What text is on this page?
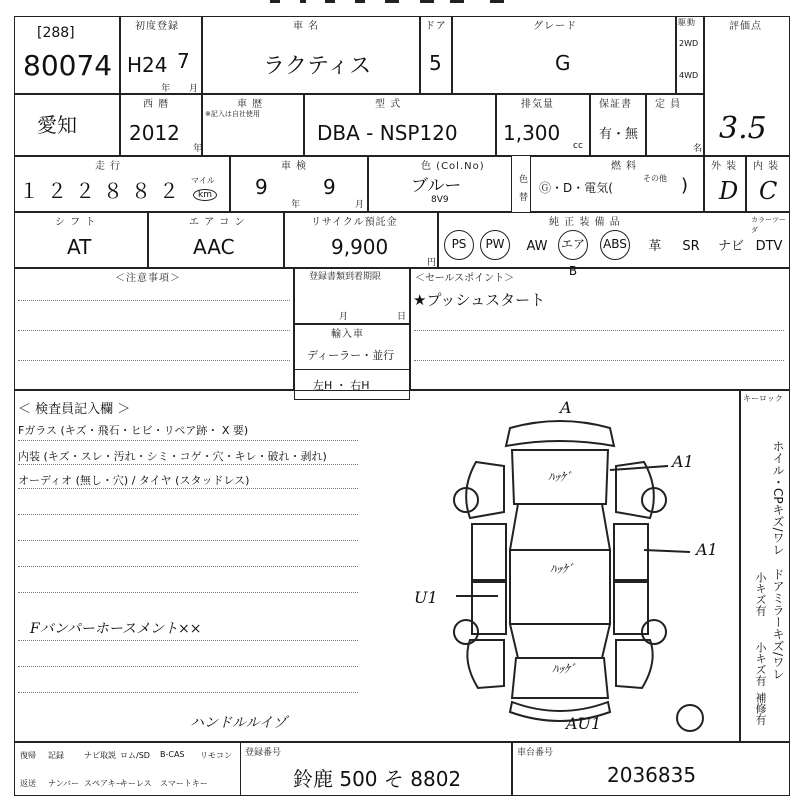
[288]
80074
初度登録
H24 7
年 月
車 名
ラクティス
ドア
5
グレード
G
駆動
2WD
4WD
評価点
3.5
愛知
西 暦
2012
年
車 歴
※記入は自社使用
型 式
DBA - NSP120
排気量
1,300
cc
保証書
有・無
定 員
名
走 行
１２２８８２ マイル
km
車 検
9
年
9
月
色 (Col.No)
ブルー
8V9
色替
燃 料
Ⓖ・D・電気(
その他 )
外 装
D
内 装
C
シ フ ト
AT
エ ア コ ン
AAC
リサイクル預託金
9,900
円
純 正 装 備 品	カラーツーダ
PS	PW	AW	エアB
ABS	革	SR	ナビ DTV
＜注意事項＞	登録書類到着期限
月	日
輸入車
ディーラー・並行
左H ・ 右H
＜セールスポイント＞
★プッシュスタート
＜ 検査員記入欄 ＞
Fガラス (キズ・飛石・ヒビ・リペア跡・ X 要)
内装 (キズ・スレ・汚れ・シミ・コゲ・穴・キレ・破れ・剥れ)
オーディオ (無し・穴) / タイヤ (スタッドレス)
Fバンパーホースメント××
ハンドルルイゾ
A
A1
A1
U1
AU1
ﾊｯｹﾞ
ﾊｯｹﾞ
ﾊｯｹﾞ
キーロック
ホイル・CPキズ/ワレ
ドアミラーキズ/ワレ
小キズ有
小キズ有
補修有
復帰 記録	ナビ取説 ロム/SD B-CAS リモコン
返送 ナンバー スペアキー
キーレス スマートキー
登録番号
鈴鹿 500 そ 8802
車台番号
2036835
